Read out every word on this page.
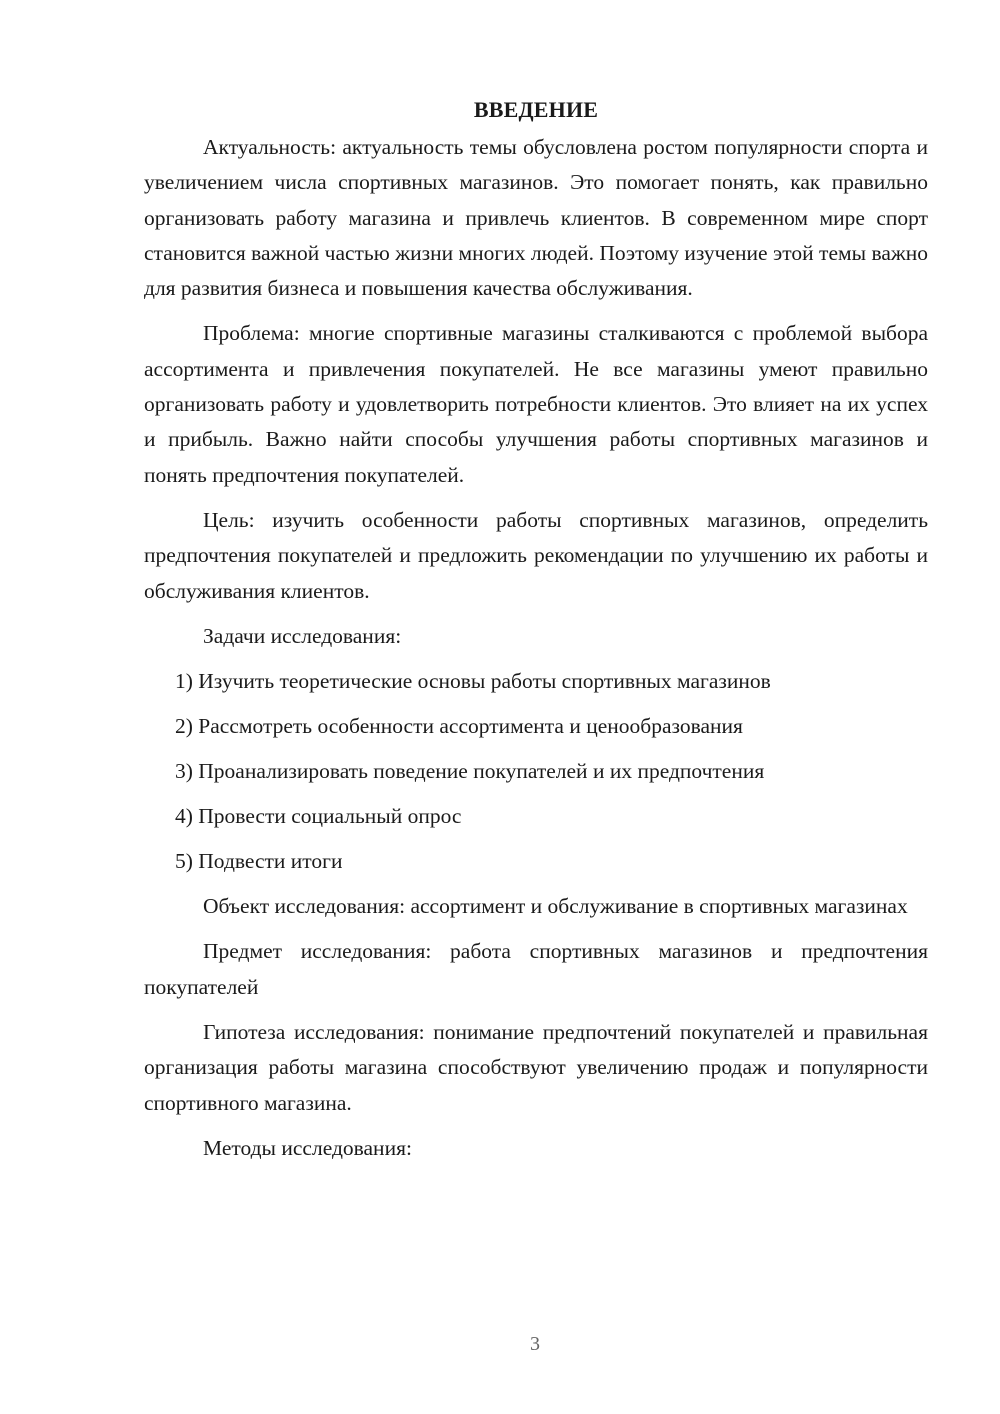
ВВЕДЕНИЕ

Актуальность: актуальность темы обусловлена ростом популярности спорта и увеличением числа спортивных магазинов. Это помогает понять, как правильно организовать работу магазина и привлечь клиентов. В современном мире спорт становится важной частью жизни многих людей. Поэтому изучение этой темы важно для развития бизнеса и повышения качества обслуживания.

Проблема: многие спортивные магазины сталкиваются с проблемой выбора ассортимента и привлечения покупателей. Не все магазины умеют правильно организовать работу и удовлетворить потребности клиентов. Это влияет на их успех и прибыль. Важно найти способы улучшения работы спортивных магазинов и понять предпочтения покупателей.

Цель: изучить особенности работы спортивных магазинов, определить предпочтения покупателей и предложить рекомендации по улучшению их работы и обслуживания клиентов.

Задачи исследования:

1) Изучить теоретические основы работы спортивных магазинов
2) Рассмотреть особенности ассортимента и ценообразования
3) Проанализировать поведение покупателей и их предпочтения
4) Провести социальный опрос
5) Подвести итоги

Объект исследования: ассортимент и обслуживание в спортивных магазинах

Предмет исследования: работа спортивных магазинов и предпочтения покупателей

Гипотеза исследования: понимание предпочтений покупателей и правильная организация работы магазина способствуют увеличению продаж и популярности спортивного магазина.

Методы исследования:

3
